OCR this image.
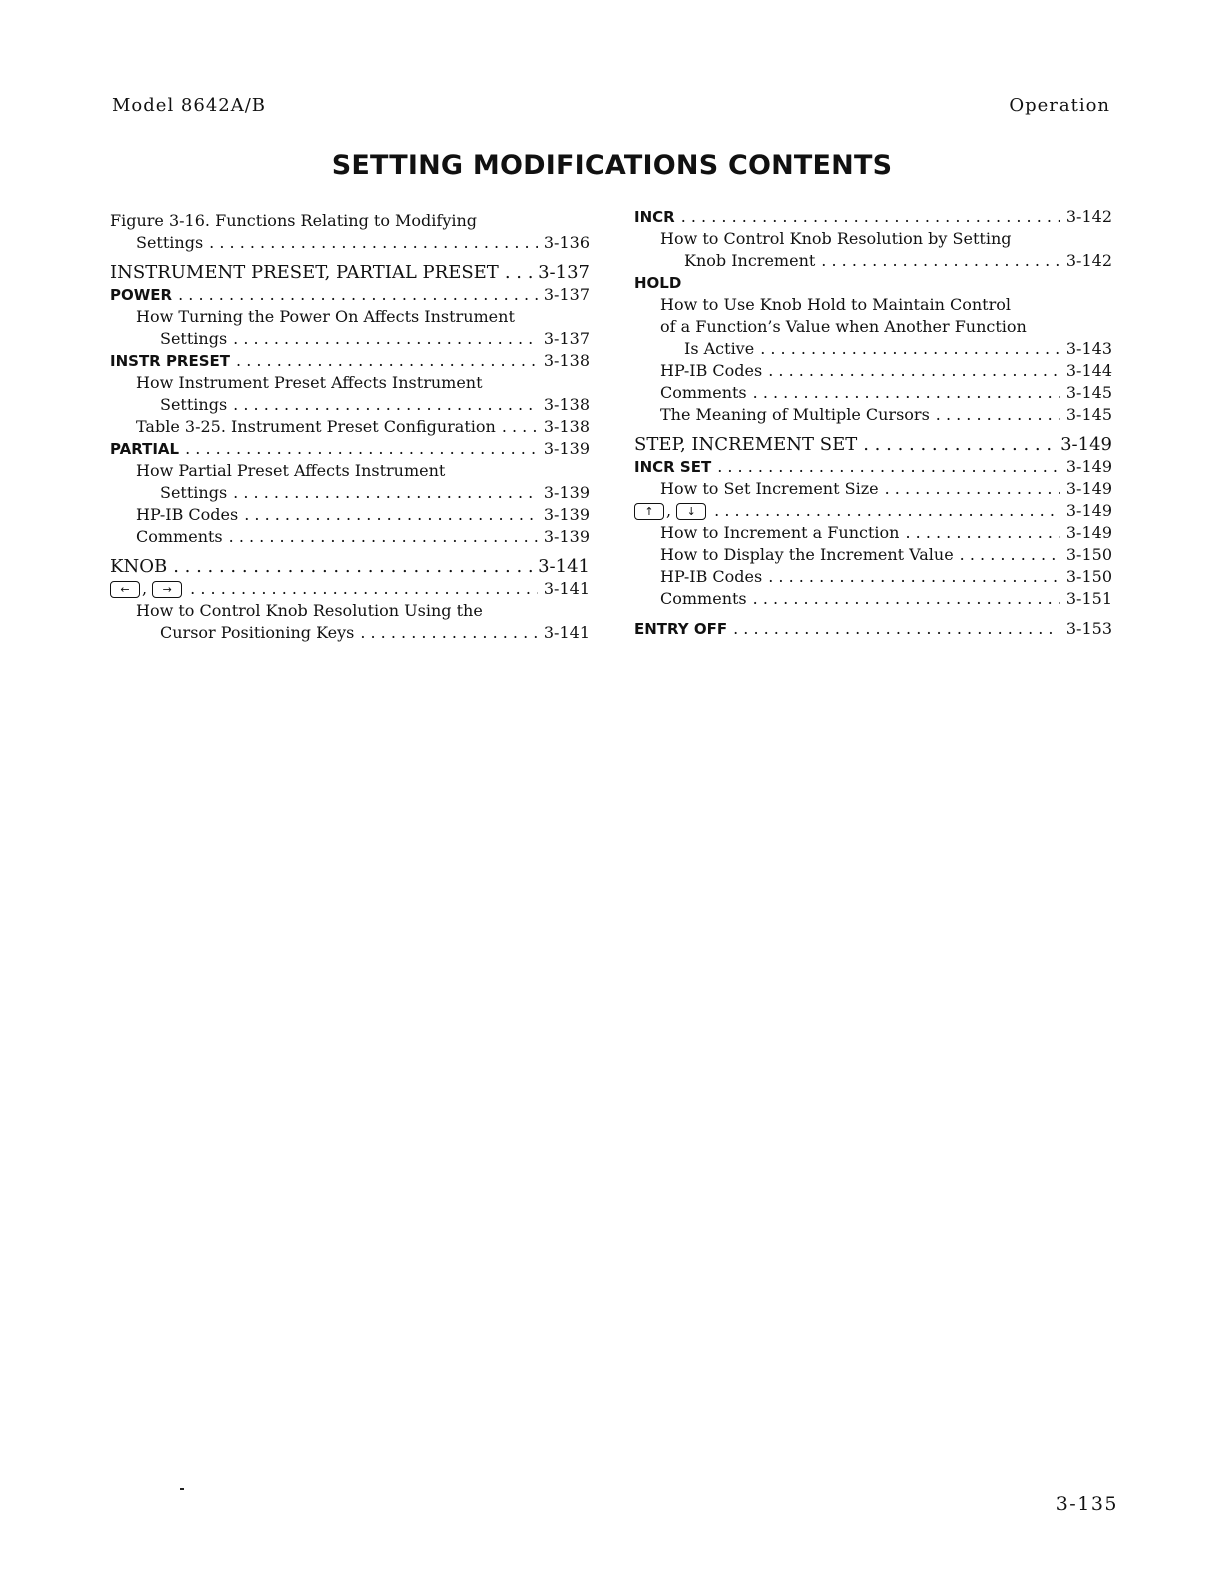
Model 8642A/B	Operation
SETTING MODIFICATIONS CONTENTS
Figure 3-16. Functions Relating to Modifying
Settings . . .	3-136
INSTRUMENT PRESET, PARTIAL PRESET . . . 3-137
POWER . . .	3-137
How Turning the Power On Affects Instrument
Settings . . .	3-137
INSTR PRESET . . .	3-138
How Instrument Preset Affects Instrument
Settings . . .	3-138
Table 3-25. Instrument Preset Configuration . . .	3-138
PARTIAL . . .	3-139
How Partial Preset Affects Instrument
Settings . . .	3-139
HP-IB Codes . . .	3-139
Comments . . .	3-139
KNOB . . .	3-141
← , → . . .	3-141
How to Control Knob Resolution Using the
Cursor Positioning Keys . . .	3-141
INCR . . .	3-142
How to Control Knob Resolution by Setting
Knob Increment . . .	3-142
HOLD
How to Use Knob Hold to Maintain Control
of a Function’s Value when Another Function
Is Active . . .	3-143
HP-IB Codes . . .	3-144
Comments . . .	3-145
The Meaning of Multiple Cursors . . .	3-145
STEP, INCREMENT SET . . .	3-149
INCR SET . . .	3-149
How to Set Increment Size . . .	3-149
↑ , ↓ . . .	3-149
How to Increment a Function . . .	3-149
How to Display the Increment Value . . .	3-150
HP-IB Codes . . .	3-150
Comments . . .	3-151
ENTRY OFF . . .	3-153
3-135
